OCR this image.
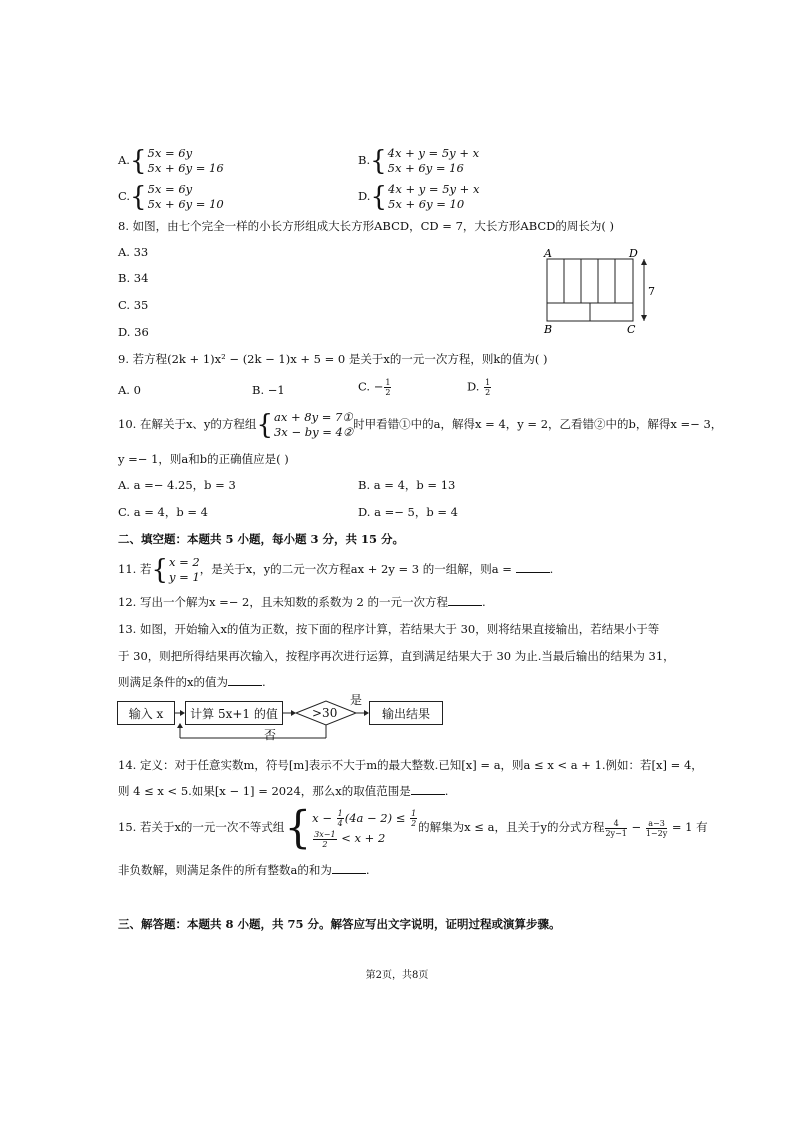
A. { 5x = 6y
5x + 6y = 16
B. { 4x + y = 5y + x
5x + 6y = 16
C. { 5x = 6y
5x + 6y = 10
D. { 4x + y = 5y + x
5x + 6y = 10
8. 如图，由七个完全一样的小长方形组成大长方形ABCD，CD = 7，大长方形ABCD的周长为( )
A. 33
B. 34
C. 35
D. 36
A	D
B	C
7
9. 若方程(2k + 1)x² − (2k − 1)x + 5 = 0 是关于x的一元一次方程，则k的值为( )
A. 0	B. −1	C. − $\frac{1}{2}$	D. $\frac{1}{2}$
10. 在解关于x、y的方程组 { ax + 8y = 7①
3x − by = 4②
时甲看错①中的a，解得x = 4，y = 2，乙看错②中的b，解得x =− 3，
y =− 1，则a和b的正确值应是( )
A. a =− 4.25，b = 3	B. a = 4，b = 13
C. a = 4，b = 4	D. a =− 5，b = 4
二、填空题：本题共 5 小题，每小题 3 分，共 15 分。
11. 若 { x = 2
y = 1
，是关于x，y的二元一次方程ax + 2y = 3 的一组解，则a =	.
12. 写出一个解为x =− 2，且未知数的系数为 2 的一元一次方程	.
13. 如图，开始输入x的值为正数，按下面的程序计算，若结果大于 30，则将结果直接输出，若结果小于等
于 30，则把所得结果再次输入，按程序再次进行运算，直到满足结果大于 30 为止.当最后输出的结果为 31，
则满足条件的x的值为	.
输入 x	计算 5x+1 的值	输出结果
>30
是
否
14. 定义：对于任意实数m，符号[m]表示不大于m的最大整数.已知[x] = a，则a ≤ x < a + 1.例如：若[x] = 4，
则 4 ≤ x < 5.如果[x − 1] = 2024，那么x的取值范围是	.
15. 若关于x的一元一次不等式组 { $x - \frac{1}{4} (4a - 2) \le \frac{1}{2}$
$\frac{3x-1}{2} < x + 2$
的解集为x ≤ a，且关于y的分式方程 $\frac{4}{2y-1} - \frac{a-3}{1-2y} = 1$ 有
非负数解，则满足条件的所有整数a的和为	.
三、解答题：本题共 8 小题，共 75 分。解答应写出文字说明，证明过程或演算步骤。
第2页，共8页
